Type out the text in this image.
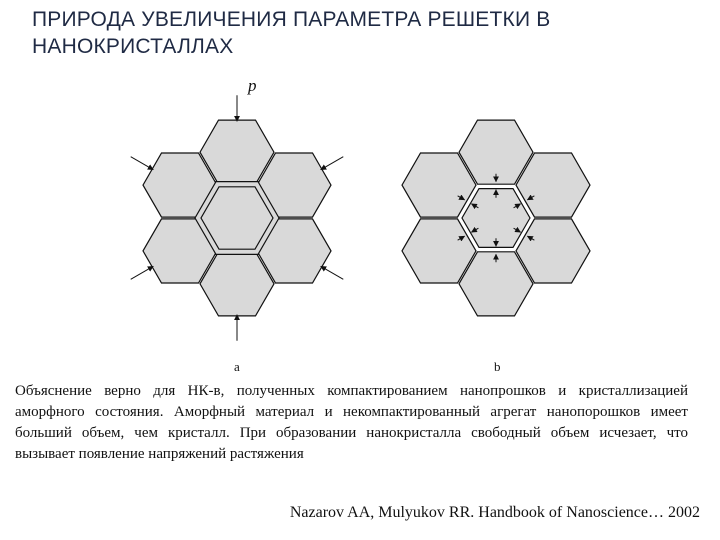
ПРИРОДА УВЕЛИЧЕНИЯ ПАРАМЕТРА РЕШЕТКИ В НАНОКРИСТАЛЛАХ
p
a	b
Объяснение верно для НК-в, полученных компактированием нанопрошков и кристаллизацией аморфного состояния. Аморфный материал и некомпактированный агрегат нанопорошков имеет больший объем, чем кристалл. При образовании нанокристалла свободный объем исчезает, что вызывает появление напряжений растяжения
Nazarov AA, Mulyukov RR. Handbook of Nanoscience… 2002
